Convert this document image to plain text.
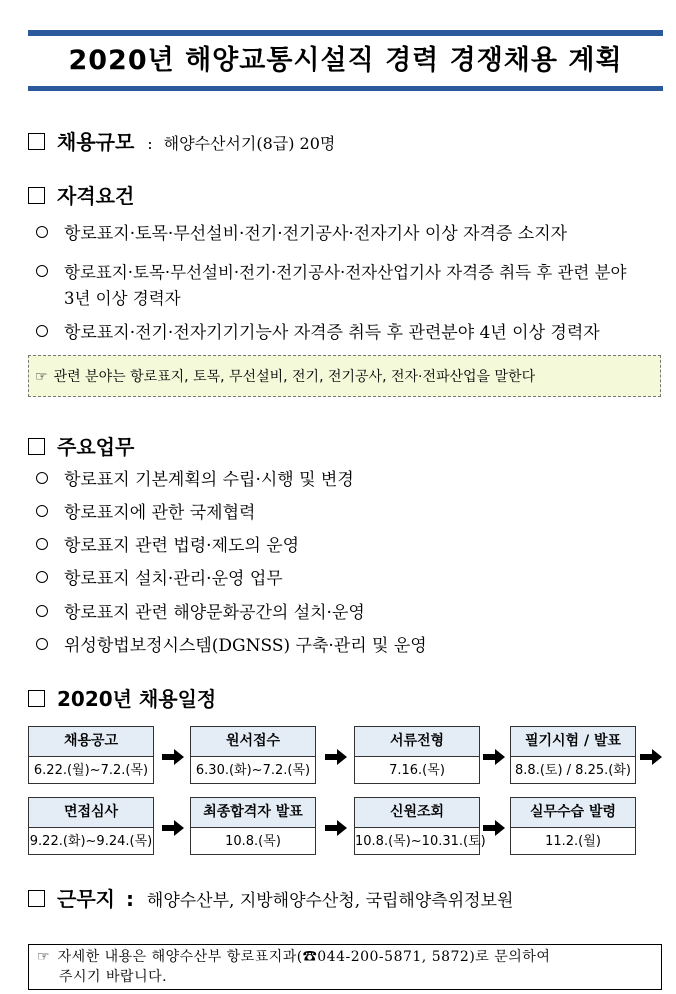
2020년 해양교통시설직 경력 경쟁채용 계획
채용규모 : 해양수산서기(8급) 20명
자격요건
항로표지·토목·무선설비·전기·전기공사·전자기사 이상 자격증 소지자
항로표지·토목·무선설비·전기·전기공사·전자산업기사 자격증 취득 후 관련 분야
3년 이상 경력자
항로표지·전기·전자기기기능사 자격증 취득 후 관련분야 4년 이상 경력자
☞ 관련 분야는 항로표지, 토목, 무선설비, 전기, 전기공사, 전자·전파산업을 말한다
주요업무
항로표지 기본계획의 수립·시행 및 변경
항로표지에 관한 국제협력
항로표지 관련 법령·제도의 운영
항로표지 설치·관리·운영 업무
항로표지 관련 해양문화공간의 설치·운영
위성항법보정시스템(DGNSS) 구축·관리 및 운영
2020년 채용일정
채용공고
6.22.(월)~7.2.(목)
원서접수
6.30.(화)~7.2.(목)
서류전형
7.16.(목)
필기시험 / 발표
8.8.(토) / 8.25.(화)
면접심사
9.22.(화)~9.24.(목)
최종합격자 발표
10.8.(목)
신원조회
10.8.(목)~10.31.(토)
실무수습 발령
11.2.(월)
근무지 : 해양수산부, 지방해양수산청, 국립해양측위정보원
☞ 자세한 내용은 해양수산부 항로표지과(☎044-200-5871, 5872)로 문의하여
주시기 바랍니다.
